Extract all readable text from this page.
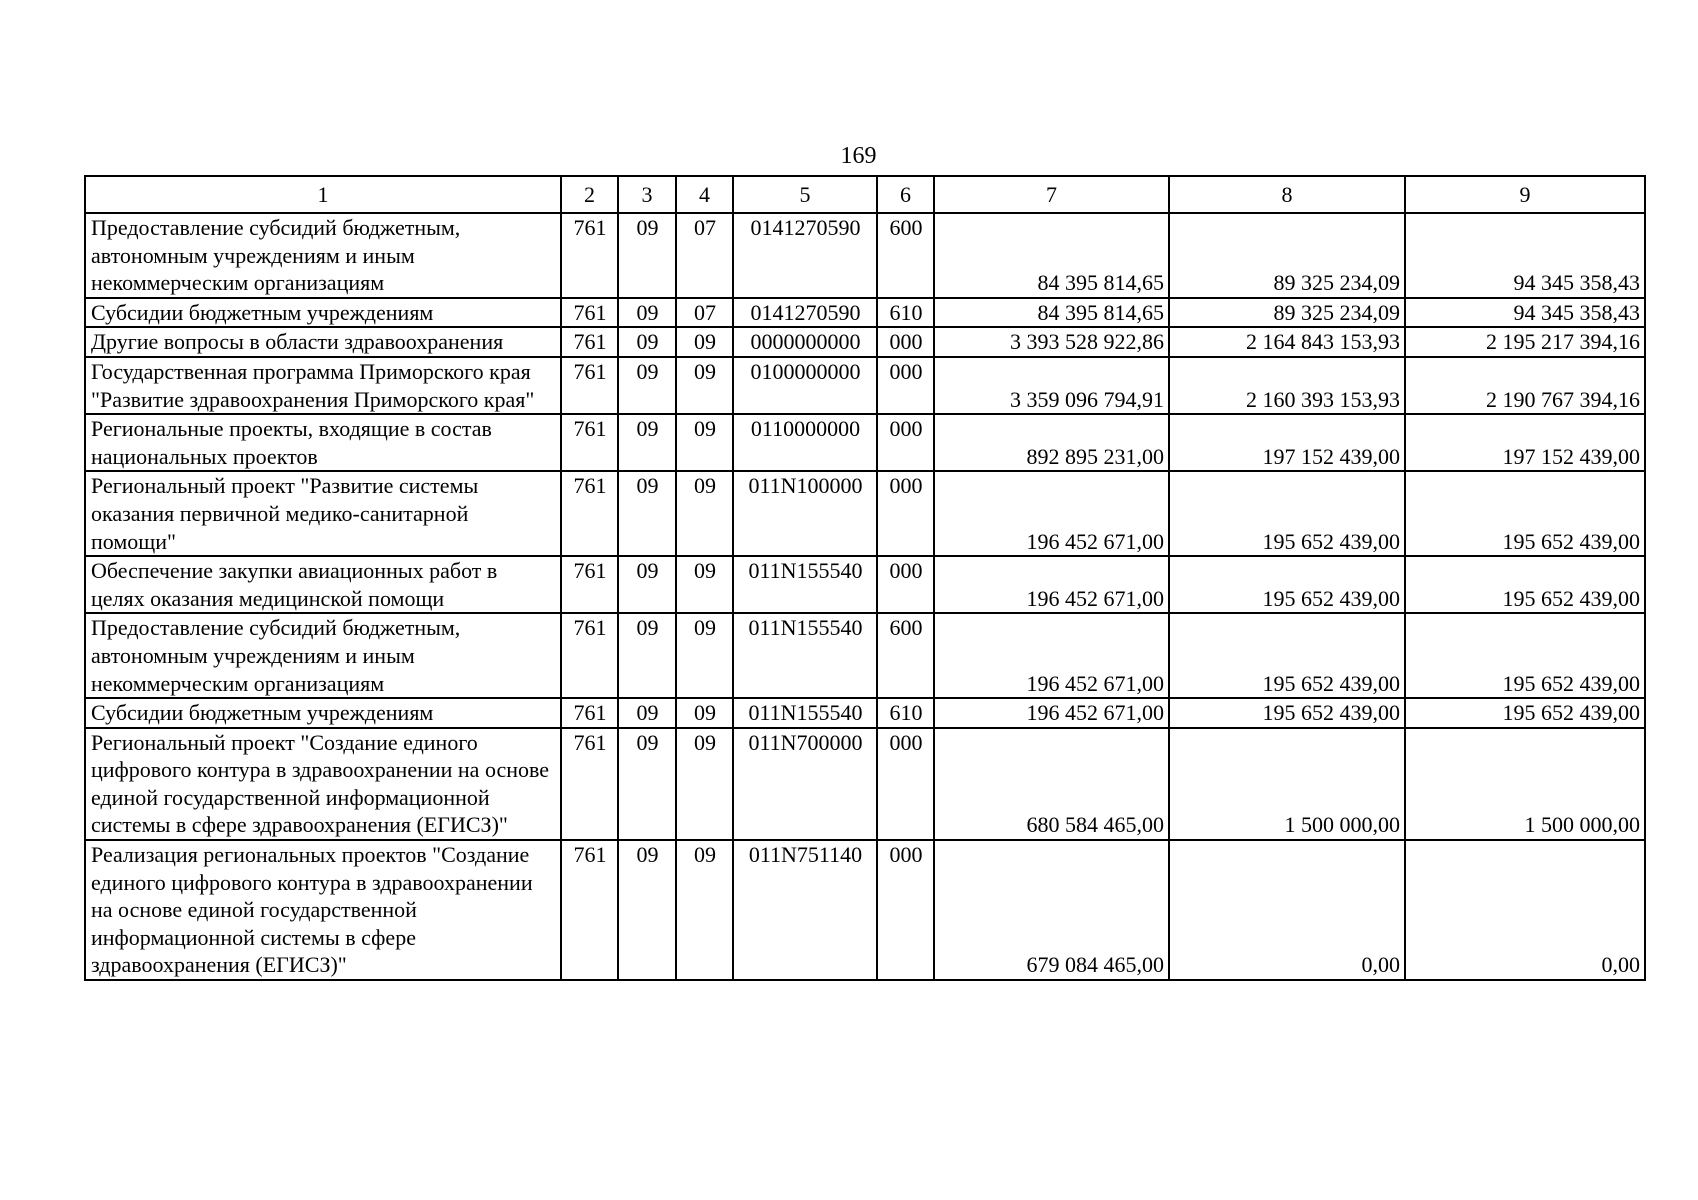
169
1	2	3	4	5	6	7	8	9
Предоставление субсидий бюджетным, автономным учреждениям и иным некоммерческим организациям	761	09	07	0141270590	600	84 395 814,65	89 325 234,09	94 345 358,43
Субсидии бюджетным учреждениям	761	09	07	0141270590	610	84 395 814,65	89 325 234,09	94 345 358,43
Другие вопросы в области здравоохранения	761	09	09	0000000000	000	3 393 528 922,86	2 164 843 153,93	2 195 217 394,16
Государственная программа Приморского края "Развитие здравоохранения Приморского края"	761	09	09	0100000000	000	3 359 096 794,91	2 160 393 153,93	2 190 767 394,16
Региональные проекты, входящие в состав национальных проектов	761	09	09	0110000000	000	892 895 231,00	197 152 439,00	197 152 439,00
Региональный проект "Развитие системы оказания первичной медико-санитарной помощи"	761	09	09	011N100000	000	196 452 671,00	195 652 439,00	195 652 439,00
Обеспечение закупки авиационных работ в целях оказания медицинской помощи	761	09	09	011N155540	000	196 452 671,00	195 652 439,00	195 652 439,00
Предоставление субсидий бюджетным, автономным учреждениям и иным некоммерческим организациям	761	09	09	011N155540	600	196 452 671,00	195 652 439,00	195 652 439,00
Субсидии бюджетным учреждениям	761	09	09	011N155540	610	196 452 671,00	195 652 439,00	195 652 439,00
Региональный проект "Создание единого цифрового контура в здравоохранении на основе единой государственной информационной системы в сфере здравоохранения (ЕГИСЗ)"	761	09	09	011N700000	000	680 584 465,00	1 500 000,00	1 500 000,00
Реализация региональных проектов "Создание единого цифрового контура в здравоохранении на основе единой государственной информационной системы в сфере здравоохранения (ЕГИСЗ)"	761	09	09	011N751140	000	679 084 465,00	0,00	0,00
